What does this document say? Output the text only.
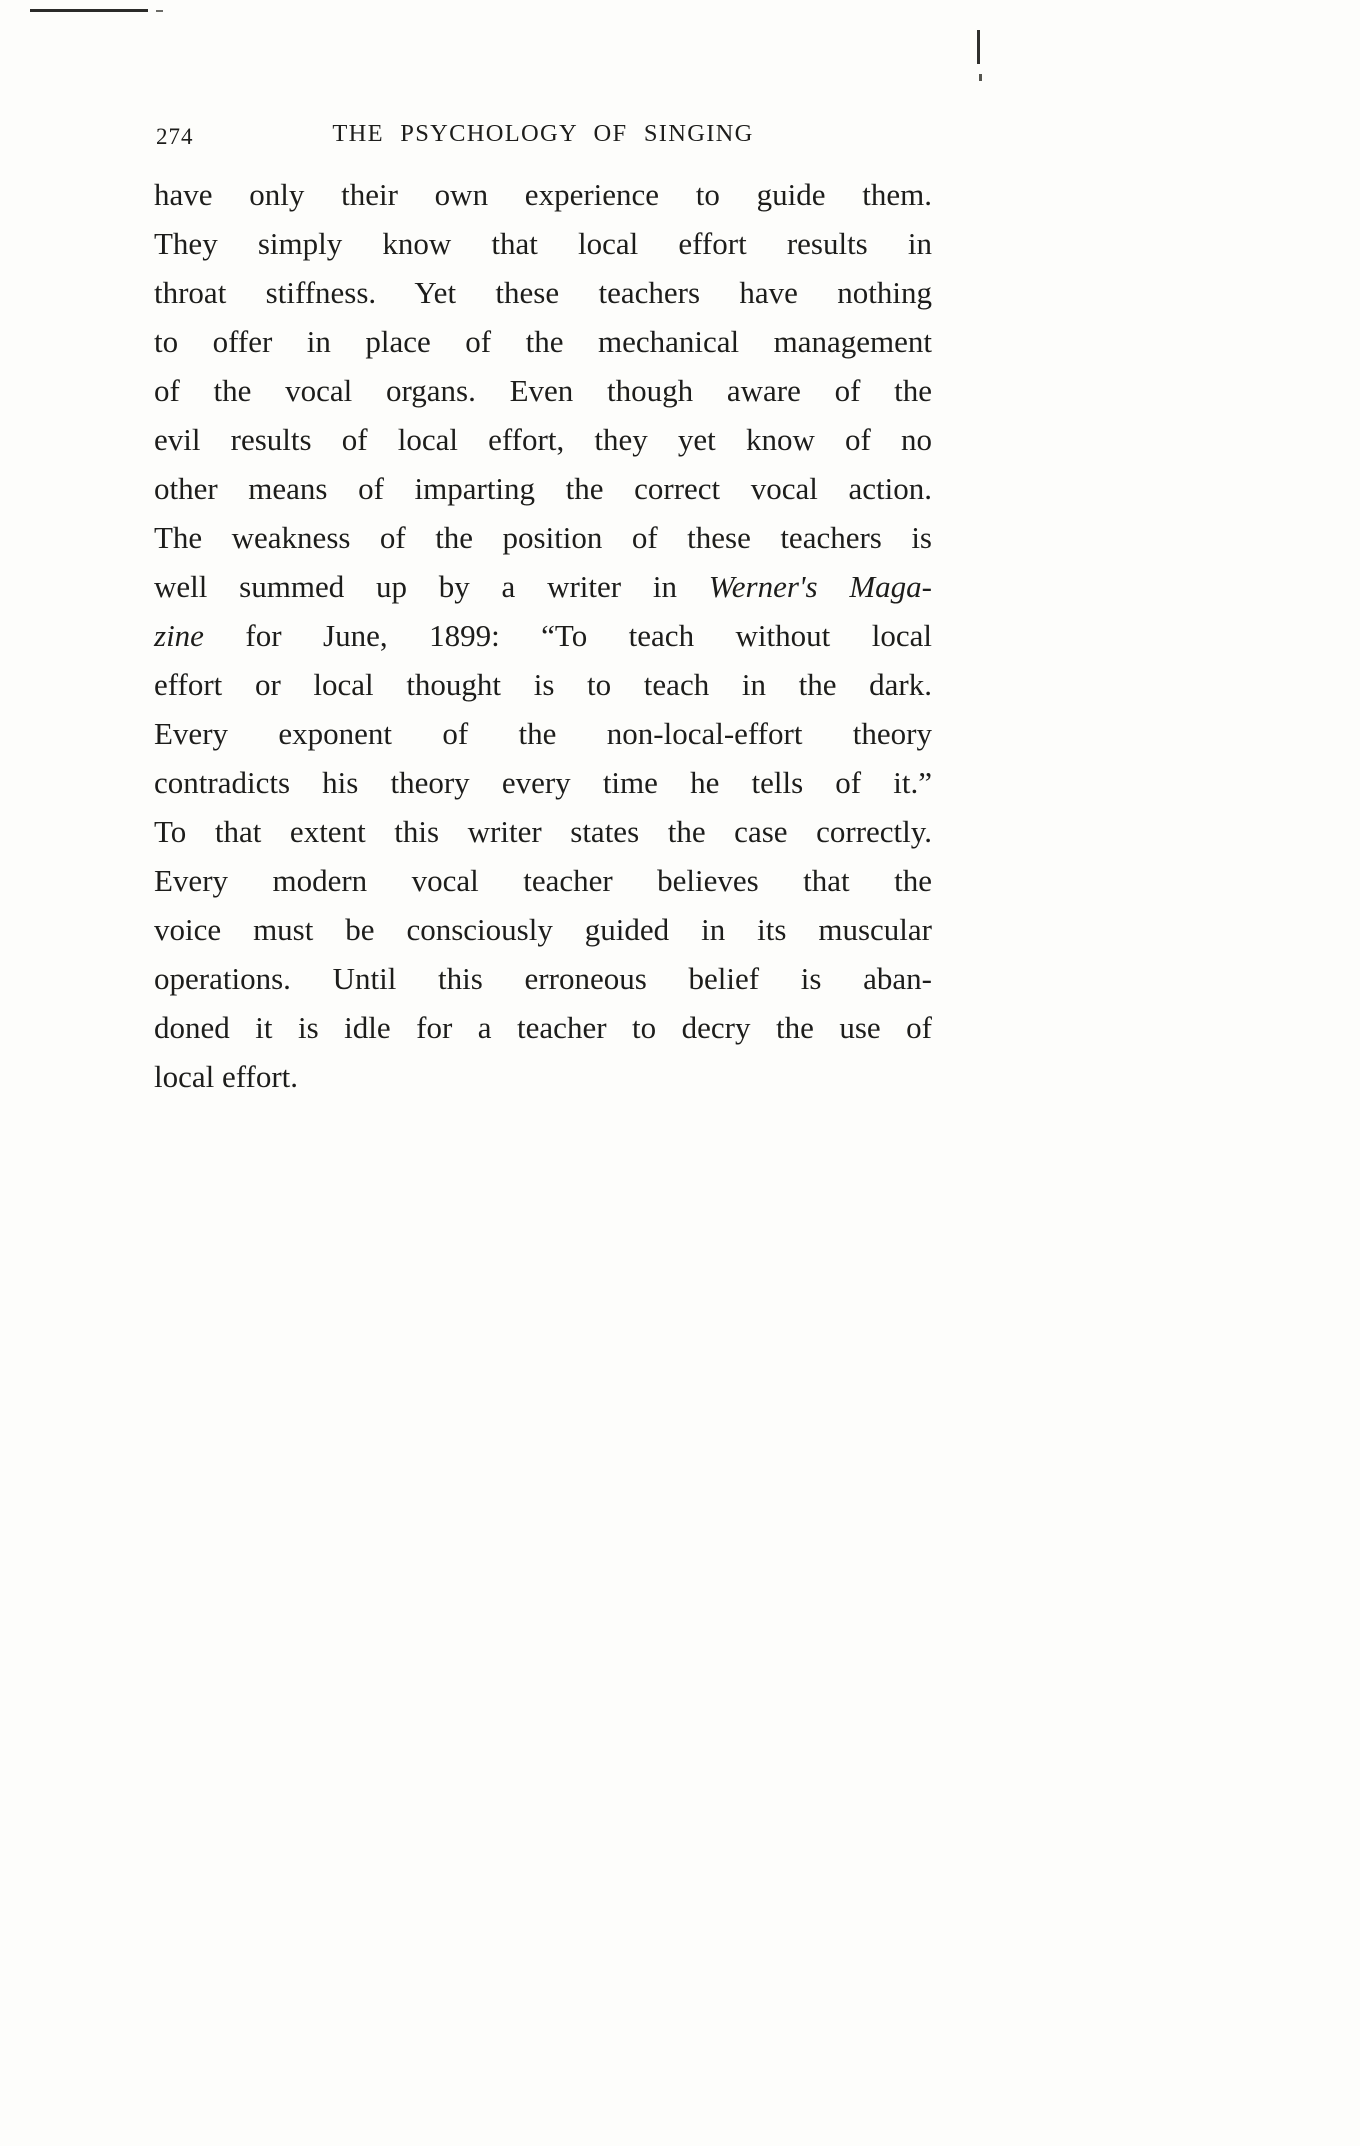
274	THE PSYCHOLOGY OF SINGING
have only their own experience to guide them.
They simply know that local effort results in
throat stiffness. Yet these teachers have nothing
to offer in place of the mechanical management
of the vocal organs. Even though aware of the
evil results of local effort, they yet know of no
other means of imparting the correct vocal action.
The weakness of the position of these teachers is
well summed up by a writer in Werner's Maga-
zine for June, 1899: “To teach without local
effort or local thought is to teach in the dark.
Every exponent of the non-local-effort theory
contradicts his theory every time he tells of it.”
To that extent this writer states the case correctly.
Every modern vocal teacher believes that the
voice must be consciously guided in its muscular
operations. Until this erroneous belief is aban-
doned it is idle for a teacher to decry the use of
local effort.
